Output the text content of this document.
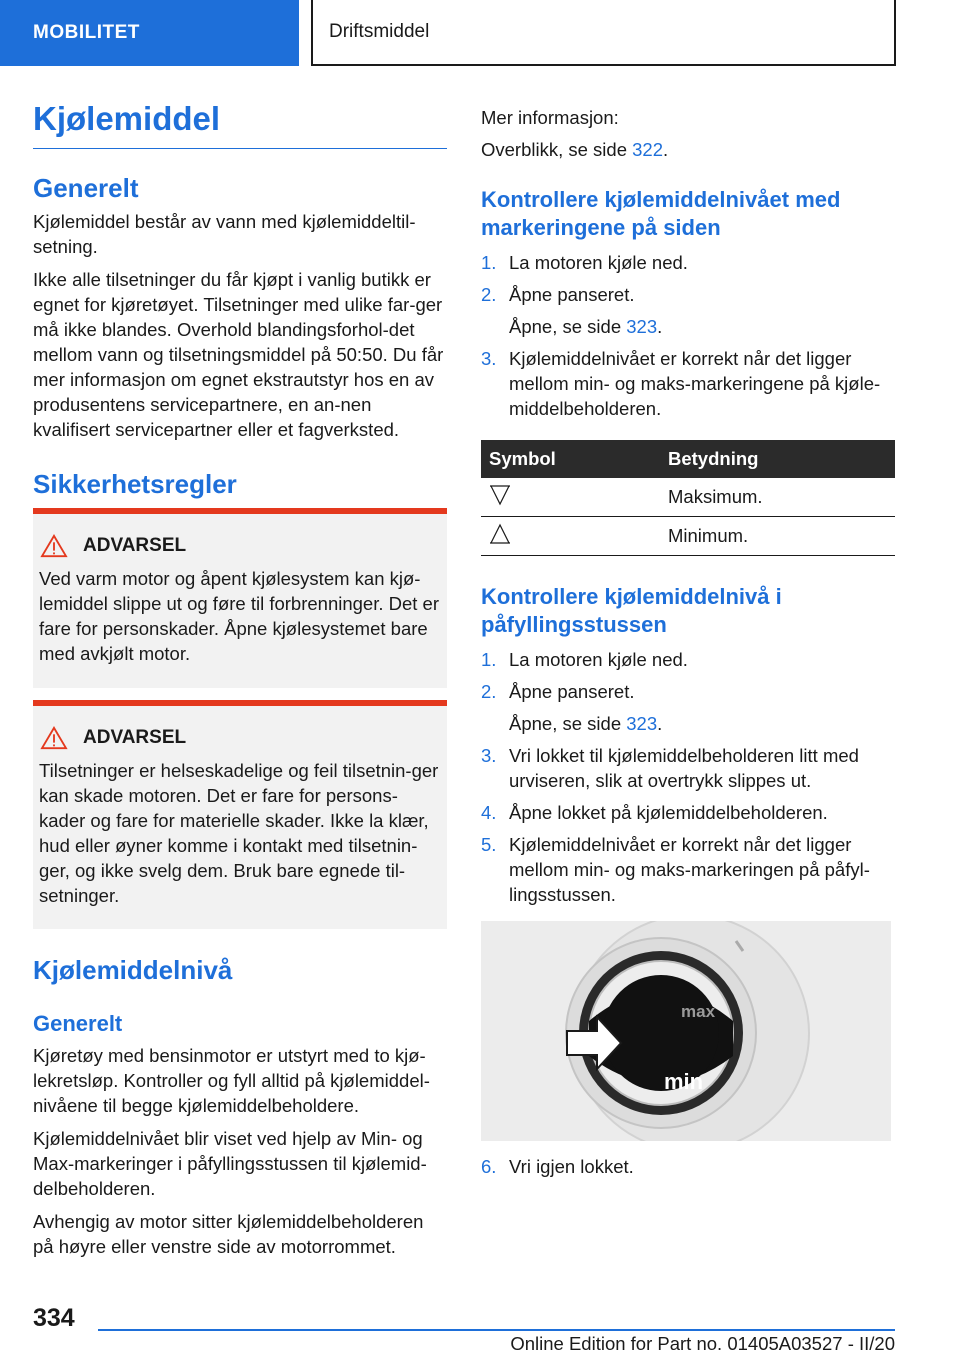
MOBILITET	Driftsmiddel
Kjølemiddel
Generelt

Kjølemiddel består av vann med kjølemiddeltil-setning.

Ikke alle tilsetninger du får kjøpt i vanlig butikk er egnet for kjøretøyet. Tilsetninger med ulike far-ger må ikke blandes. Overhold blandingsforhol-det mellom vann og tilsetningsmiddel på 50:50. Du får mer informasjon om egnet ekstrautstyr hos en av produsentens servicepartnere, en an-nen kvalifisert servicepartner eller et fagverksted.

Sikkerhetsregler
ADVARSEL
Ved varm motor og åpent kjølesystem kan kjø-lemiddel slippe ut og føre til forbrenninger. Det er fare for personskader. Åpne kjølesystemet bare med avkjølt motor.
ADVARSEL
Tilsetninger er helseskadelige og feil tilsetnin-ger kan skade motoren. Det er fare for persons-kader og fare for materielle skader. Ikke la klær, hud eller øyner komme i kontakt med tilsetnin-ger, og ikke svelg dem. Bruk bare egnede til-setninger.
Kjølemiddelnivå
Generelt

Kjøretøy med bensinmotor er utstyrt med to kjø-lekretsløp. Kontroller og fyll alltid på kjølemiddel-nivåene til begge kjølemiddelbeholdere.

Kjølemiddelnivået blir viset ved hjelp av Min- og Max-markeringer i påfyllingsstussen til kjølemid-delbeholderen.

Avhengig av motor sitter kjølemiddelbeholderen på høyre eller venstre side av motorrommet.

Mer informasjon:

Overblikk, se side 322.

Kontrollere kjølemiddelnivået med markeringene på siden
1. La motoren kjøle ned.
2. Åpne panseret.
Åpne, se side 323.
3. Kjølemiddelnivået er korrekt når det ligger mellom min- og maks-markeringene på kjøle-middelbeholderen.
Symbol	Betydning
	Maksimum.
	Minimum.
Kontrollere kjølemiddelnivå i påfyllingsstussen
1. La motoren kjøle ned.
2. Åpne panseret.
Åpne, se side 323.
3. Vri lokket til kjølemiddelbeholderen litt med urviseren, slik at overtrykk slippes ut.
4. Åpne lokket på kjølemiddelbeholderen.
5. Kjølemiddelnivået er korrekt når det ligger mellom min- og maks-markeringen på påfyl-lingsstussen.
max
min
6. Vri igjen lokket.
334
Online Edition for Part no. 01405A03527 - II/20
